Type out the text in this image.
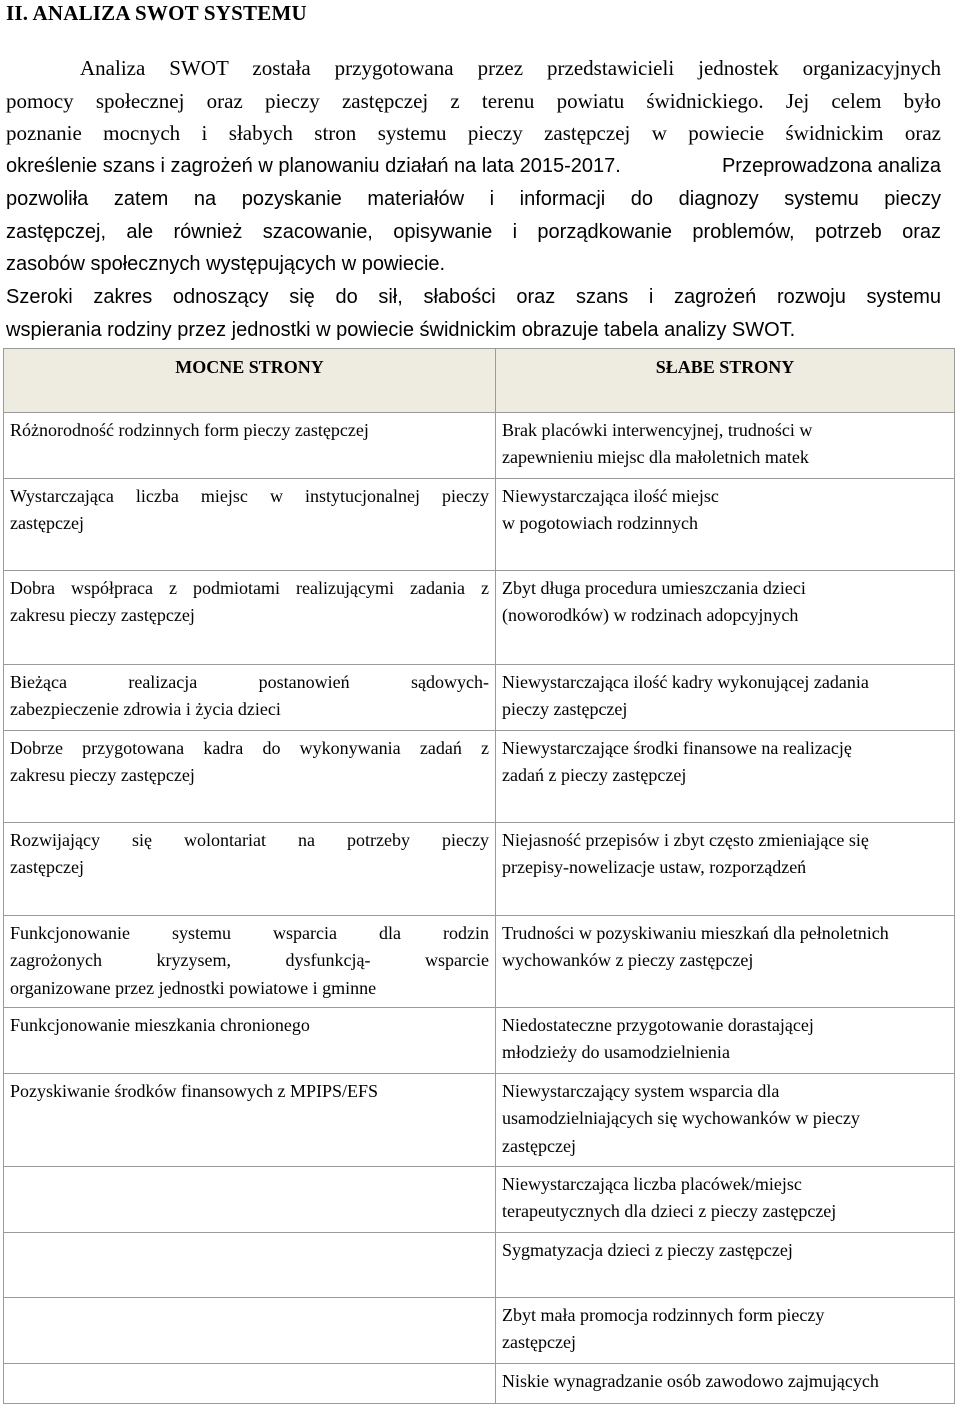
II. ANALIZA SWOT SYSTEMU
Analiza SWOT została przygotowana przez przedstawicieli jednostek organizacyjnych
pomocy społecznej oraz pieczy zastępczej z terenu powiatu świdnickiego. Jej celem było
poznanie mocnych i słabych stron systemu pieczy zastępczej w powiecie świdnickim oraz
określenie szans i zagrożeń w planowaniu działań na lata 2015-2017.	Przeprowadzona analiza
pozwoliła zatem na pozyskanie materiałów i informacji do diagnozy systemu pieczy
zastępczej, ale również szacowanie, opisywanie i porządkowanie problemów, potrzeb oraz
zasobów społecznych występujących w powiecie.
Szeroki zakres odnoszący się do sił, słabości oraz szans i zagrożeń rozwoju systemu
wspierania rodziny przez jednostki w powiecie świdnickim obrazuje tabela analizy SWOT.
MOCNE STRONY	SŁABE STRONY

Różnorodność rodzinnych form pieczy zastępczej	Brak placówki interwencyjnej, trudności w
zapewnieniu miejsc dla małoletnich matek

Wystarczająca liczba miejsc w instytucjonalnej pieczy
zastępczej	Niewystarczająca ilość miejsc
w pogotowiach rodzinnych

Dobra współpraca z podmiotami realizującymi zadania z
zakresu pieczy zastępczej	Zbyt długa procedura umieszczania dzieci
(noworodków) w rodzinach adopcyjnych

Bieżąca realizacja postanowień sądowych-
zabezpieczenie zdrowia i życia dzieci	Niewystarczająca ilość kadry wykonującej zadania
pieczy zastępczej

Dobrze przygotowana kadra do wykonywania zadań z
zakresu pieczy zastępczej	Niewystarczające środki finansowe na realizację
zadań z pieczy zastępczej

Rozwijający się wolontariat na potrzeby pieczy
zastępczej	Niejasność przepisów i zbyt często zmieniające się
przepisy-nowelizacje ustaw, rozporządzeń

Funkcjonowanie systemu wsparcia dla rodzin
zagrożonych kryzysem, dysfunkcją- wsparcie
organizowane przez jednostki powiatowe i gminne	Trudności w pozyskiwaniu mieszkań dla pełnoletnich
wychowanków z pieczy zastępczej

Funkcjonowanie mieszkania chronionego	Niedostateczne przygotowanie dorastającej
młodzieży do usamodzielnienia

Pozyskiwanie środków finansowych z MPIPS/EFS	Niewystarczający system wsparcia dla
usamodzielniających się wychowanków w pieczy
zastępczej

	Niewystarczająca liczba placówek/miejsc
terapeutycznych dla dzieci z pieczy zastępczej

	Sygmatyzacja dzieci z pieczy zastępczej

	Zbyt mała promocja rodzinnych form pieczy
zastępczej

	Niskie wynagradzanie osób zawodowo zajmujących
